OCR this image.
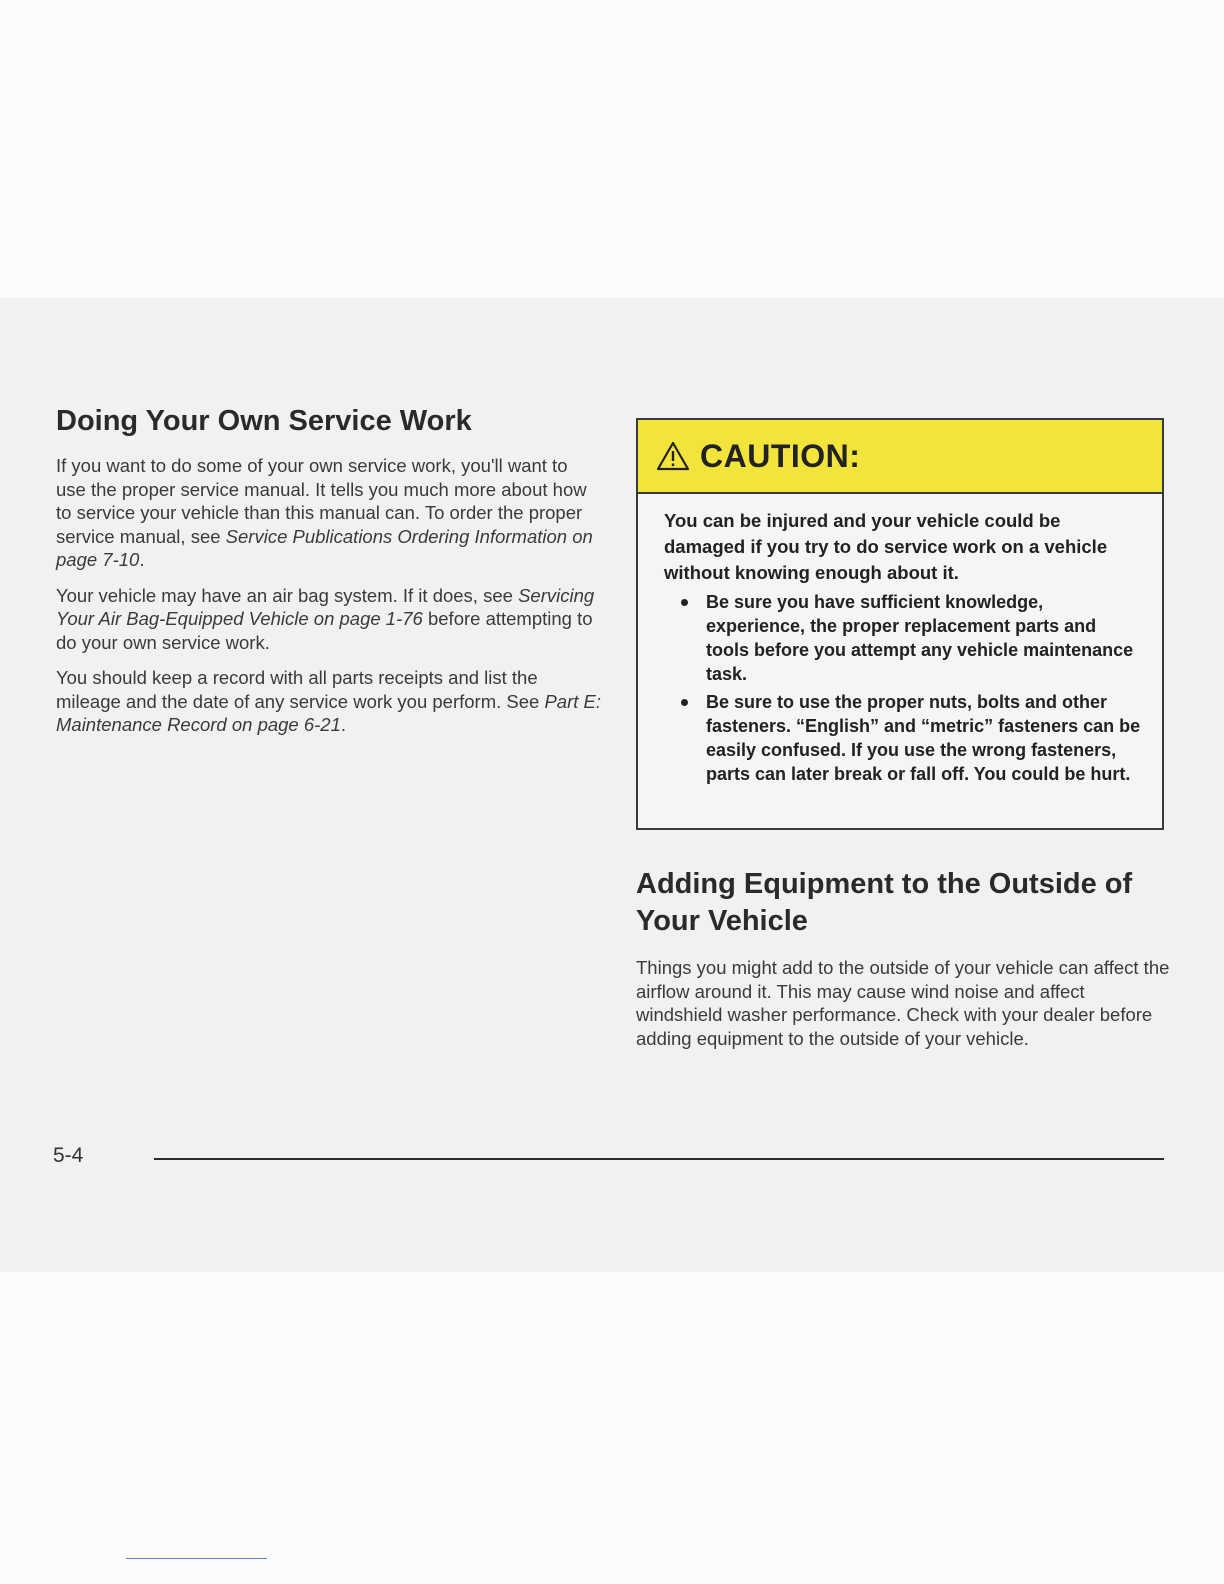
Doing Your Own Service Work

If you want to do some of your own service work, you'll want to use the proper service manual. It tells you much more about how to service your vehicle than this manual can. To order the proper service manual, see Service Publications Ordering Information on page 7-10.

Your vehicle may have an air bag system. If it does, see Servicing Your Air Bag-Equipped Vehicle on page 1-76 before attempting to do your own service work.

You should keep a record with all parts receipts and list the mileage and the date of any service work you perform. See Part E: Maintenance Record on page 6-21.

CAUTION:

You can be injured and your vehicle could be damaged if you try to do service work on a vehicle without knowing enough about it.

Be sure you have sufficient knowledge, experience, the proper replacement parts and tools before you attempt any vehicle maintenance task.
Be sure to use the proper nuts, bolts and other fasteners. “English” and “metric” fasteners can be easily confused. If you use the wrong fasteners, parts can later break or fall off. You could be hurt.
Adding Equipment to the Outside of Your Vehicle

Things you might add to the outside of your vehicle can affect the airflow around it. This may cause wind noise and affect windshield washer performance. Check with your dealer before adding equipment to the outside of your vehicle.

5-4
